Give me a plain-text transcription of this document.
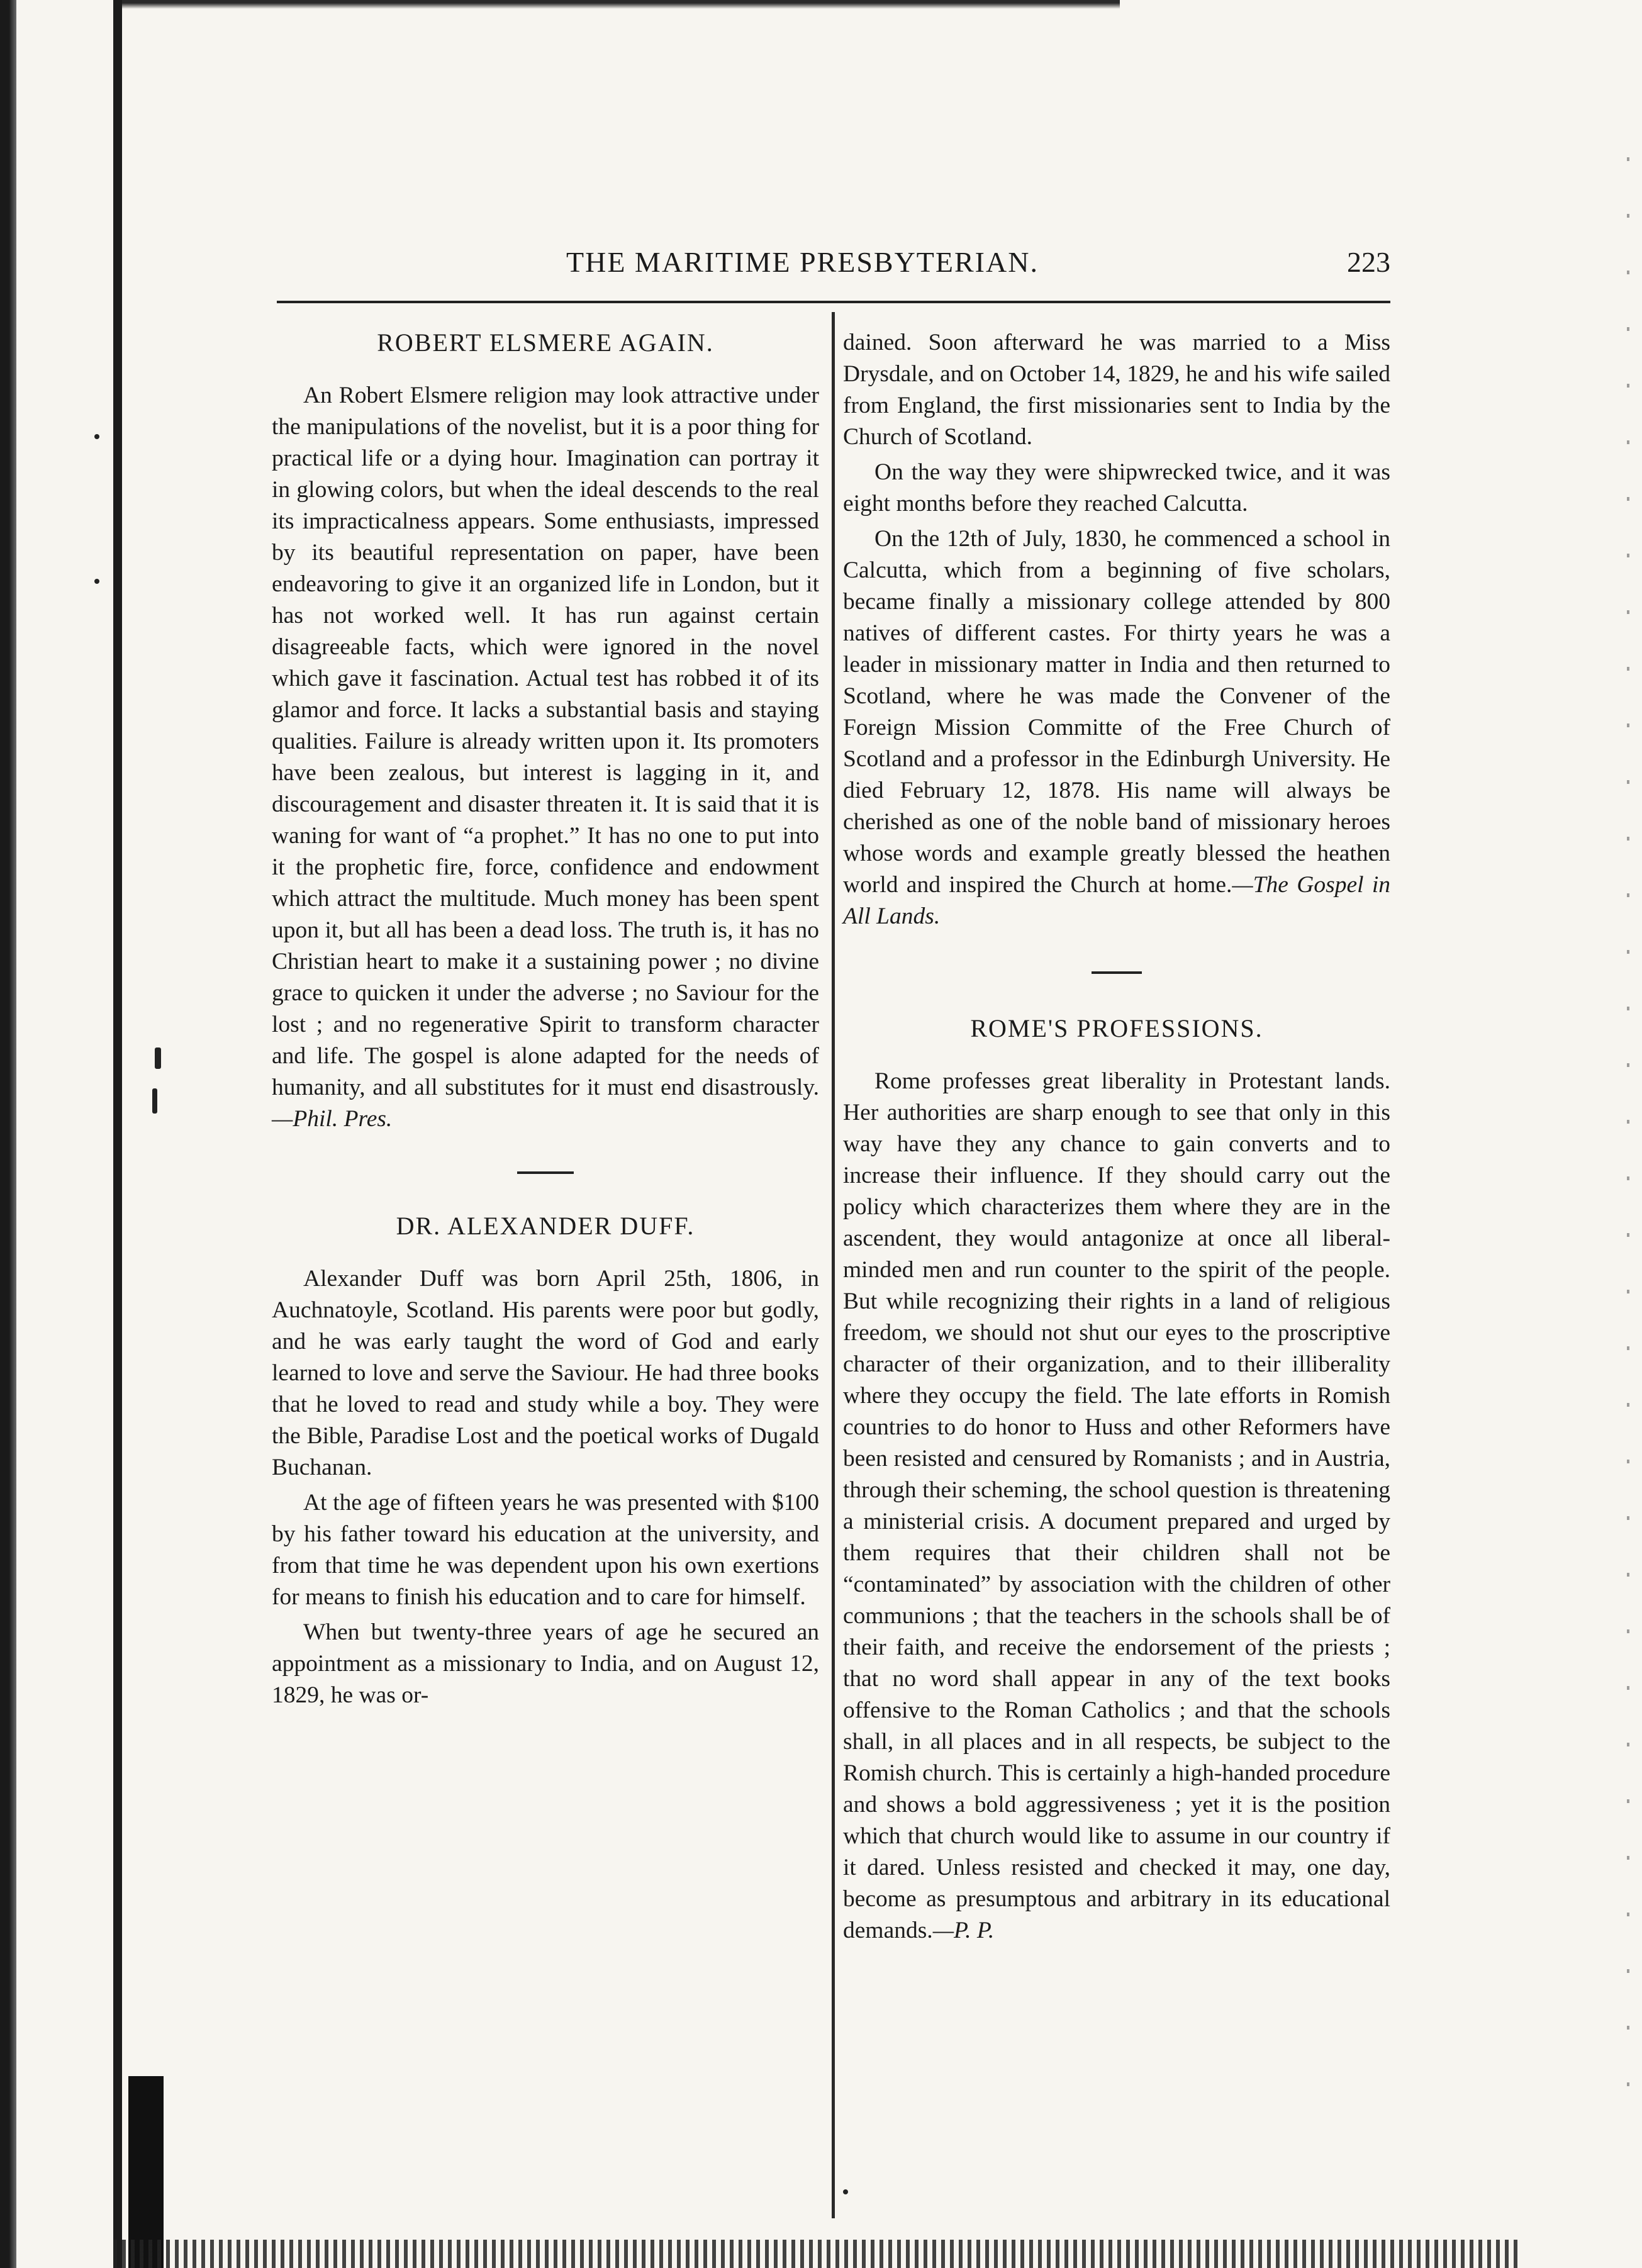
THE MARITIME PRESBYTERIAN.	223
ROBERT ELSMERE AGAIN.

An Robert Elsmere religion may look attractive under the manipulations of the novelist, but it is a poor thing for practical life or a dying hour. Imagination can portray it in glowing colors, but when the ideal descends to the real its impracticalness appears. Some enthusiasts, impressed by its beautiful representation on paper, have been endeavoring to give it an organized life in London, but it has not worked well. It has run against certain disagreeable facts, which were ignored in the novel which gave it fascination. Actual test has robbed it of its glamor and force. It lacks a substantial basis and staying qualities. Failure is already written upon it. Its promoters have been zealous, but interest is lagging in it, and discouragement and disaster threaten it. It is said that it is waning for want of “a prophet.” It has no one to put into it the prophetic fire, force, confidence and endowment which attract the multitude. Much money has been spent upon it, but all has been a dead loss. The truth is, it has no Christian heart to make it a sustaining power ; no divine grace to quicken it under the adverse ; no Saviour for the lost ; and no regenerative Spirit to transform character and life. The gospel is alone adapted for the needs of humanity, and all substitutes for it must end disastrously.—Phil. Pres.

DR. ALEXANDER DUFF.

Alexander Duff was born April 25th, 1806, in Auchnatoyle, Scotland. His parents were poor but godly, and he was early taught the word of God and early learned to love and serve the Saviour. He had three books that he loved to read and study while a boy. They were the Bible, Paradise Lost and the poetical works of Dugald Buchanan.

At the age of fifteen years he was presented with $100 by his father toward his education at the university, and from that time he was dependent upon his own exertions for means to finish his education and to care for himself.

When but twenty-three years of age he secured an appointment as a missionary to India, and on August 12, 1829, he was or-

dained. Soon afterward he was married to a Miss Drysdale, and on October 14, 1829, he and his wife sailed from England, the first missionaries sent to India by the Church of Scotland.

On the way they were shipwrecked twice, and it was eight months before they reached Calcutta.

On the 12th of July, 1830, he commenced a school in Calcutta, which from a beginning of five scholars, became finally a missionary college attended by 800 natives of different castes. For thirty years he was a leader in missionary matter in India and then returned to Scotland, where he was made the Convener of the Foreign Mission Committe of the Free Church of Scotland and a professor in the Edinburgh University. He died February 12, 1878. His name will always be cherished as one of the noble band of missionary heroes whose words and example greatly blessed the heathen world and inspired the Church at home.—The Gospel in All Lands.

ROME'S PROFESSIONS.

Rome professes great liberality in Protestant lands. Her authorities are sharp enough to see that only in this way have they any chance to gain converts and to increase their influence. If they should carry out the policy which characterizes them where they are in the ascendent, they would antagonize at once all liberal-minded men and run counter to the spirit of the people. But while recognizing their rights in a land of religious freedom, we should not shut our eyes to the proscriptive character of their organization, and to their illiberality where they occupy the field. The late efforts in Romish countries to do honor to Huss and other Reformers have been resisted and censured by Romanists ; and in Austria, through their scheming, the school question is threatening a ministerial crisis. A document prepared and urged by them requires that their children shall not be “contaminated” by association with the children of other communions ; that the teachers in the schools shall be of their faith, and receive the endorsement of the priests ; that no word shall appear in any of the text books offensive to the Roman Catholics ; and that the schools shall, in all places and in all respects, be subject to the Romish church. This is certainly a high-handed procedure and shows a bold aggressiveness ; yet it is the position which that church would like to assume in our country if it dared. Unless resisted and checked it may, one day, become as presumptous and arbitrary in its educational demands.—P. P.
